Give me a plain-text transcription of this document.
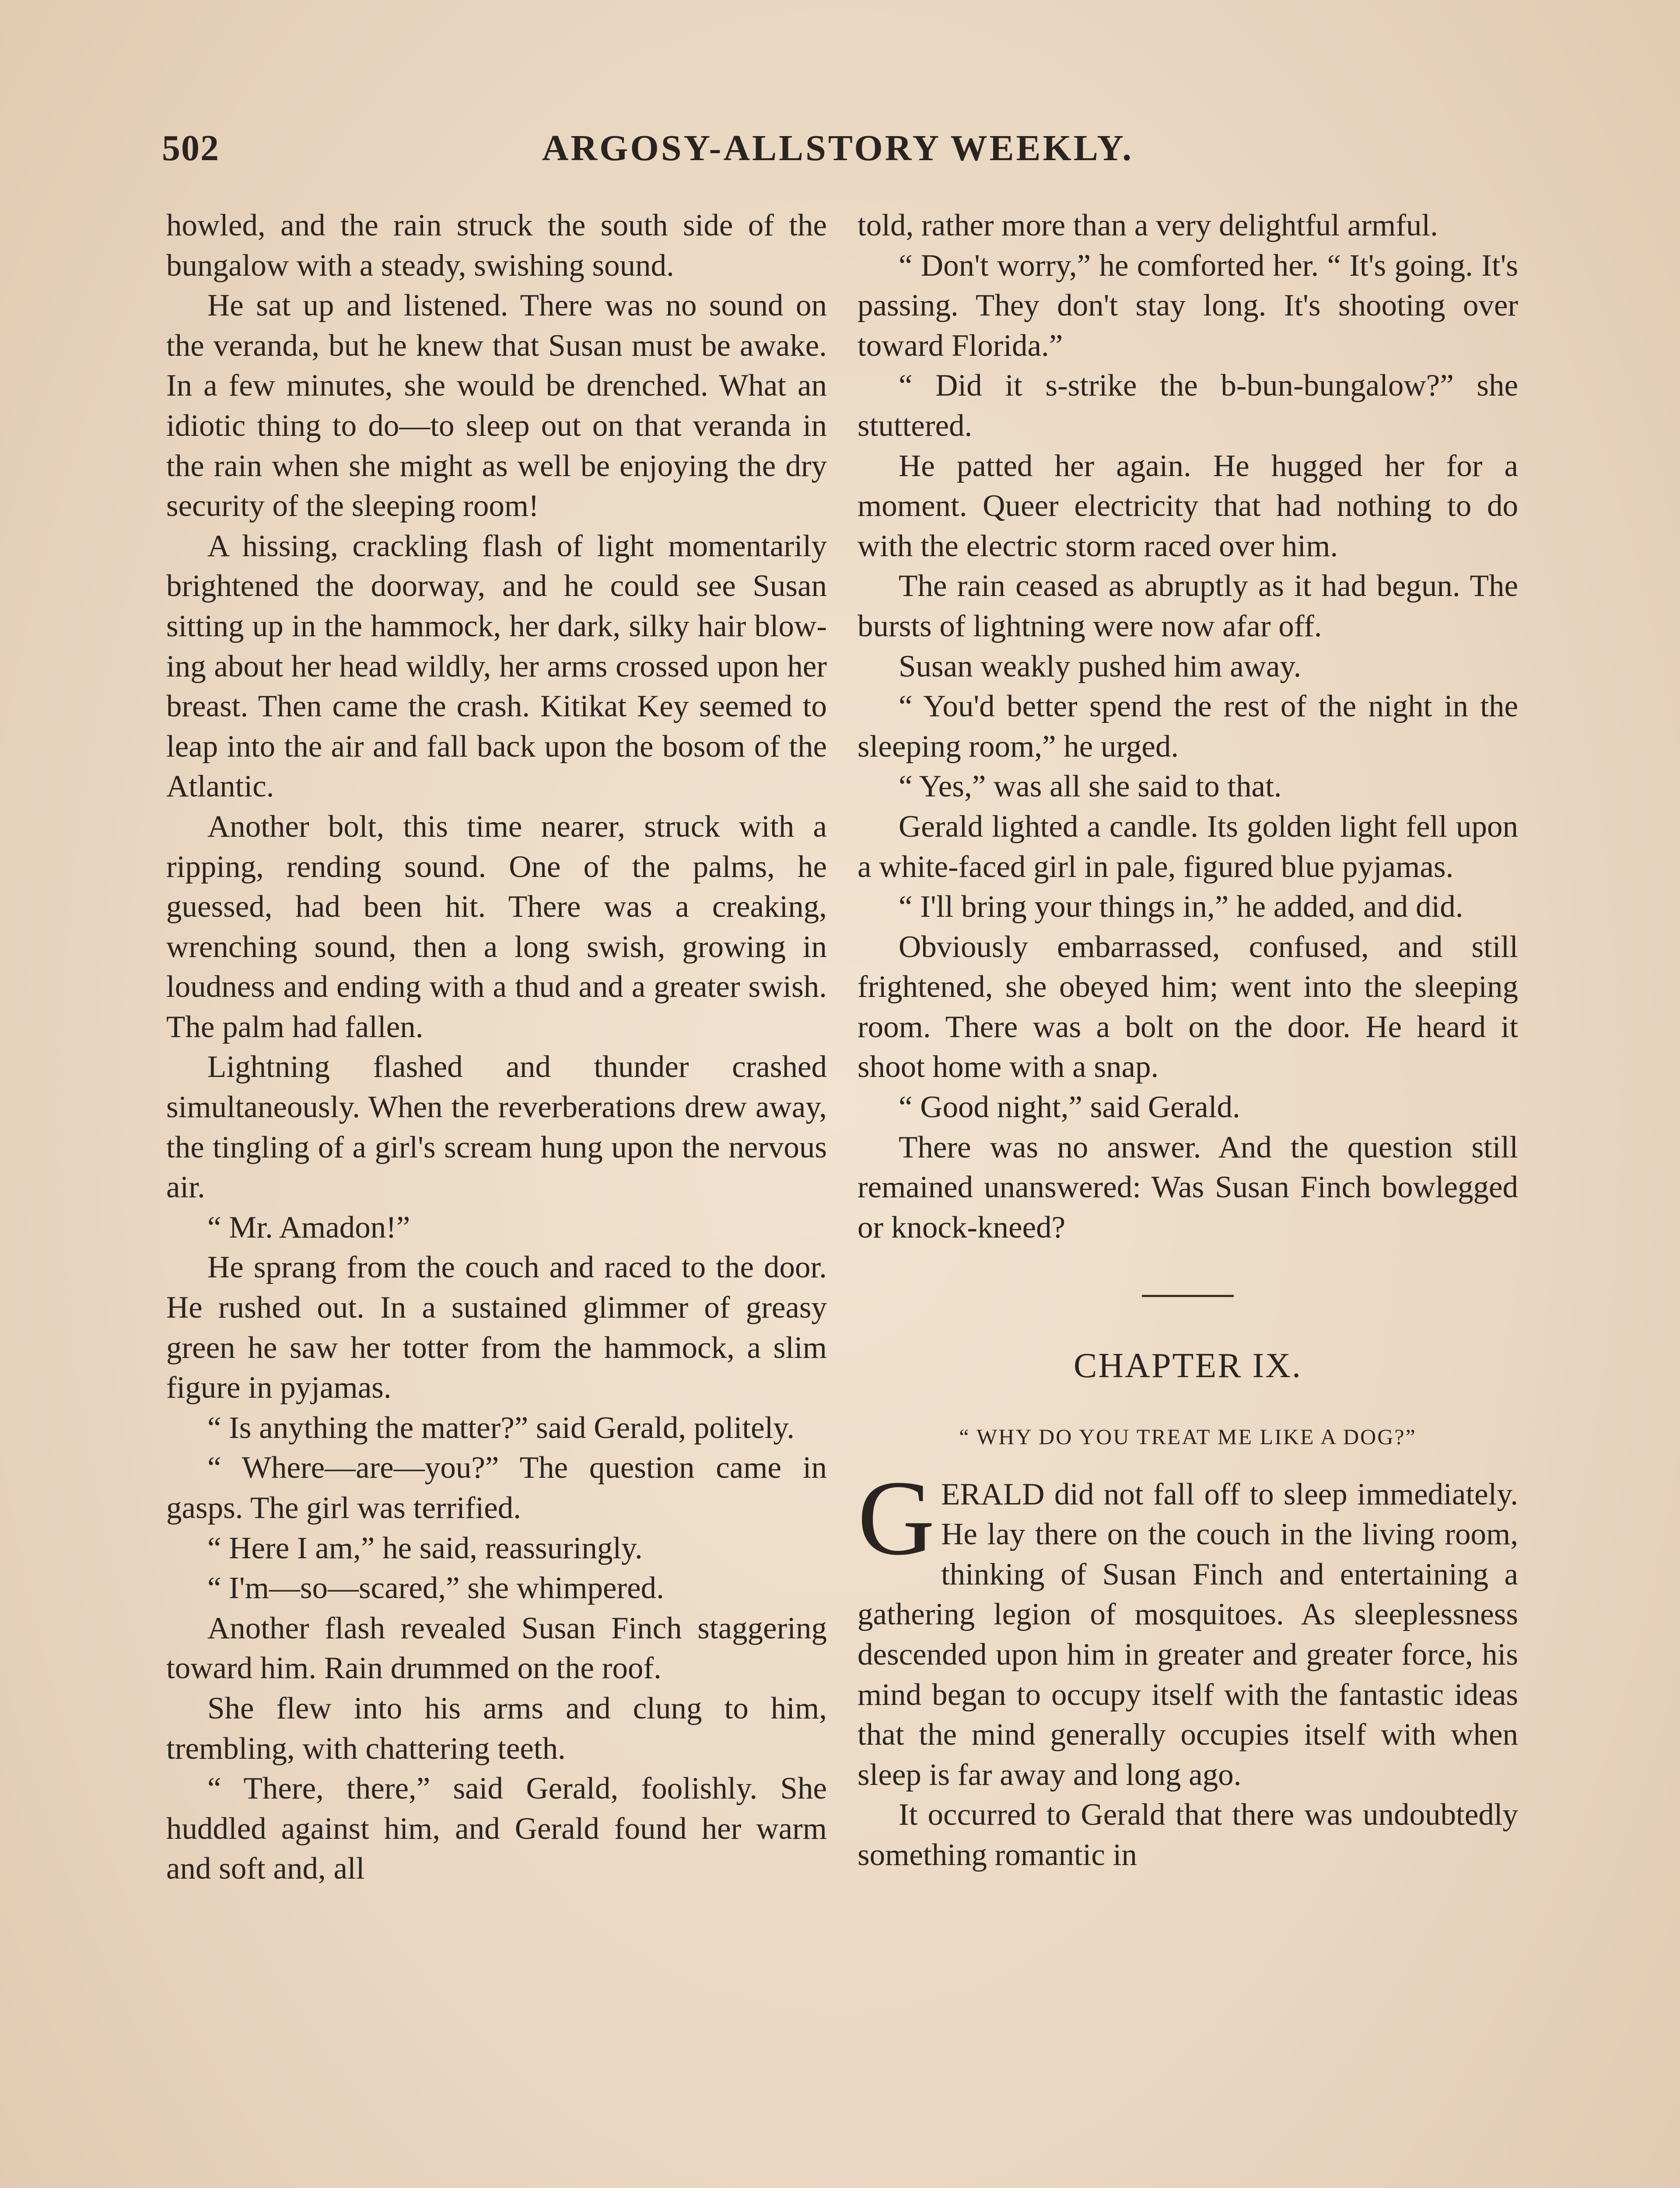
502	ARGOSY-ALLSTORY WEEKLY.

howled, and the rain struck the south side of the bungalow with a steady, swishing sound.

He sat up and listened. There was no sound on the veranda, but he knew that Susan must be awake. In a few minutes, she would be drenched. What an idiotic thing to do—to sleep out on that veranda in the rain when she might as well be enjoying the dry security of the sleeping room!

A hissing, crackling flash of light momentarily brightened the doorway, and he could see Susan sitting up in the hammock, her dark, silky hair blowing about her head wildly, her arms crossed upon her breast. Then came the crash. Kitikat Key seemed to leap into the air and fall back upon the bosom of the Atlantic.

Another bolt, this time nearer, struck with a ripping, rending sound. One of the palms, he guessed, had been hit. There was a creaking, wrenching sound, then a long swish, growing in loudness and ending with a thud and a greater swish. The palm had fallen.

Lightning flashed and thunder crashed simultaneously. When the reverberations drew away, the tingling of a girl's scream hung upon the nervous air.

“ Mr. Amadon!”

He sprang from the couch and raced to the door. He rushed out. In a sustained glimmer of greasy green he saw her totter from the hammock, a slim figure in pyjamas.

“ Is anything the matter?” said Gerald, politely.

“ Where—are—you?” The question came in gasps. The girl was terrified.

“ Here I am,” he said, reassuringly.

“ I'm—so—scared,” she whimpered.

Another flash revealed Susan Finch staggering toward him. Rain drummed on the roof.

She flew into his arms and clung to him, trembling, with chattering teeth.

“ There, there,” said Gerald, foolishly. She huddled against him, and Gerald found her warm and soft and, all

told, rather more than a very delightful armful.

“ Don't worry,” he comforted her. “ It's going. It's passing. They don't stay long. It's shooting over toward Florida.”

“ Did it s-strike the b-bun-bungalow?” she stuttered.

He patted her again. He hugged her for a moment. Queer electricity that had nothing to do with the electric storm raced over him.

The rain ceased as abruptly as it had begun. The bursts of lightning were now afar off.

Susan weakly pushed him away.

“ You'd better spend the rest of the night in the sleeping room,” he urged.

“ Yes,” was all she said to that.

Gerald lighted a candle. Its golden light fell upon a white-faced girl in pale, figured blue pyjamas.

“ I'll bring your things in,” he added, and did.

Obviously embarrassed, confused, and still frightened, she obeyed him; went into the sleeping room. There was a bolt on the door. He heard it shoot home with a snap.

“ Good night,” said Gerald.

There was no answer. And the question still remained unanswered: Was Susan Finch bowlegged or knock-kneed?

CHAPTER IX.
“ WHY DO YOU TREAT ME LIKE A DOG?”

GERALD did not fall off to sleep immediately. He lay there on the couch in the living room, thinking of Susan Finch and entertaining a gathering legion of mosquitoes. As sleeplessness descended upon him in greater and greater force, his mind began to occupy itself with the fantastic ideas that the mind generally occupies itself with when sleep is far away and long ago.

It occurred to Gerald that there was undoubtedly something romantic in
